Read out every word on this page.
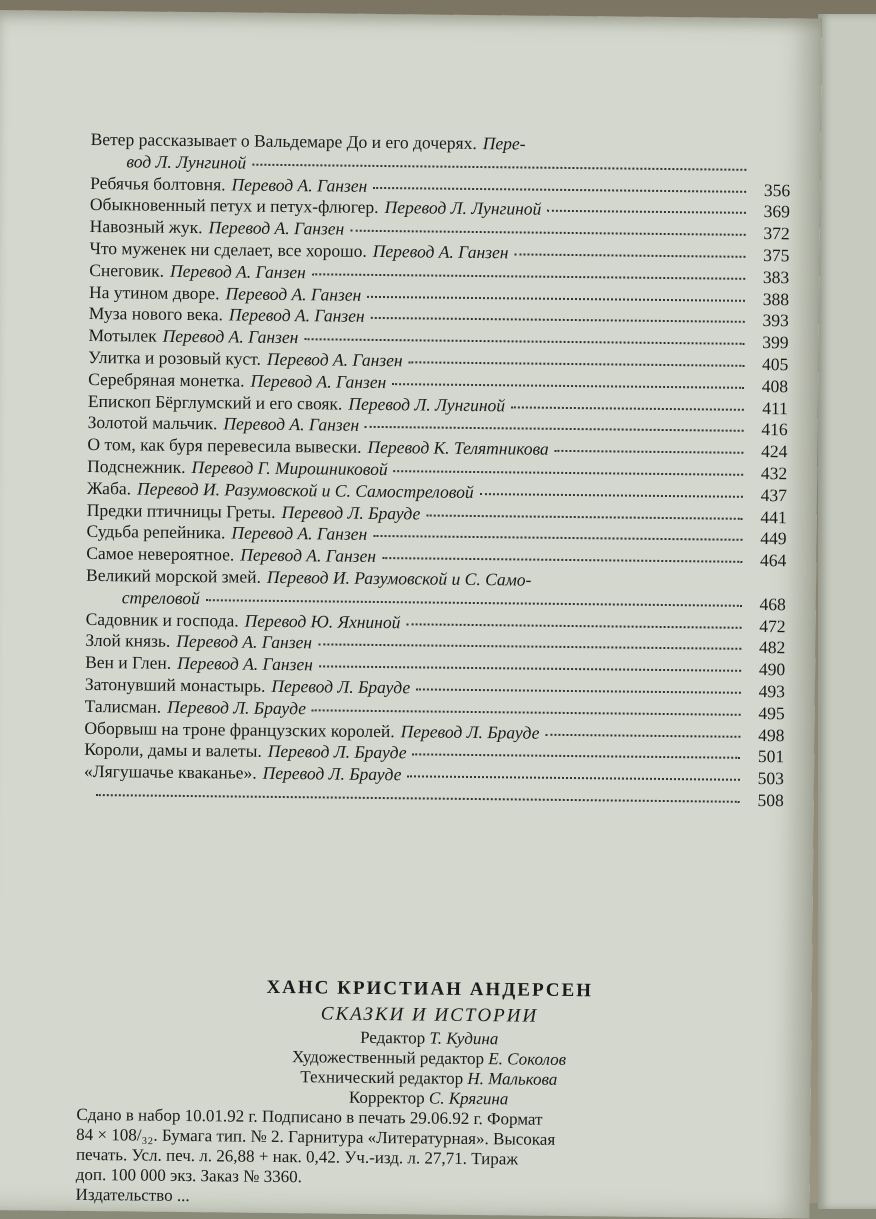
Ветер рассказывает о Вальдемаре До и его дочерях. Пере-
вод Л. Лунгиной
Ребячья болтовня. Перевод А. Ганзен	356
Обыкновенный петух и петух-флюгер. Перевод Л. Лунгиной	369
Навозный жук. Перевод А. Ганзен	372
Что муженек ни сделает, все хорошо. Перевод А. Ганзен	375
Снеговик. Перевод А. Ганзен	383
На утином дворе. Перевод А. Ганзен	388
Муза нового века. Перевод А. Ганзен	393
Мотылек Перевод А. Ганзен	399
Улитка и розовый куст. Перевод А. Ганзен	405
Серебряная монетка. Перевод А. Ганзен	408
Епископ Бёрглумский и его свояк. Перевод Л. Лунгиной	411
Золотой мальчик. Перевод А. Ганзен	416
О том, как буря перевесила вывески. Перевод К. Телятникова	424
Подснежник. Перевод Г. Мирошниковой	432
Жаба. Перевод И. Разумовской и С. Самостреловой	437
Предки птичницы Греты. Перевод Л. Брауде	441
Судьба репейника. Перевод А. Ганзен	449
Самое невероятное. Перевод А. Ганзен	464
Великий морской змей. Перевод И. Разумовской и С. Само-
стреловой	468
Садовник и господа. Перевод Ю. Яхниной	472
Злой князь. Перевод А. Ганзен	482
Вен и Глен. Перевод А. Ганзен	490
Затонувший монастырь. Перевод Л. Брауде	493
Талисман. Перевод Л. Брауде	495
Оборвыш на троне французских королей. Перевод Л. Брауде	498
Короли, дамы и валеты. Перевод Л. Брауде	501
«Лягушачье кваканье». Перевод Л. Брауде	503
508
ХАНС КРИСТИАН АНДЕРСЕН
СКАЗКИ И ИСТОРИИ
Редактор Т. Кудина
Художественный редактор Е. Соколов
Технический редактор Н. Малькова
Корректор С. Крягина
Сдано в набор 10.01.92 г. Подписано в печать 29.06.92 г. Формат
84 × 108/₃₂. Бумага тип. № 2. Гарнитура «Литературная». Высокая
печать. Усл. печ. л. 26,88 + нак. 0,42. Уч.-изд. л. 27,71. Тираж
доп. 100 000 экз. Заказ № 3360.
Издательство ...
